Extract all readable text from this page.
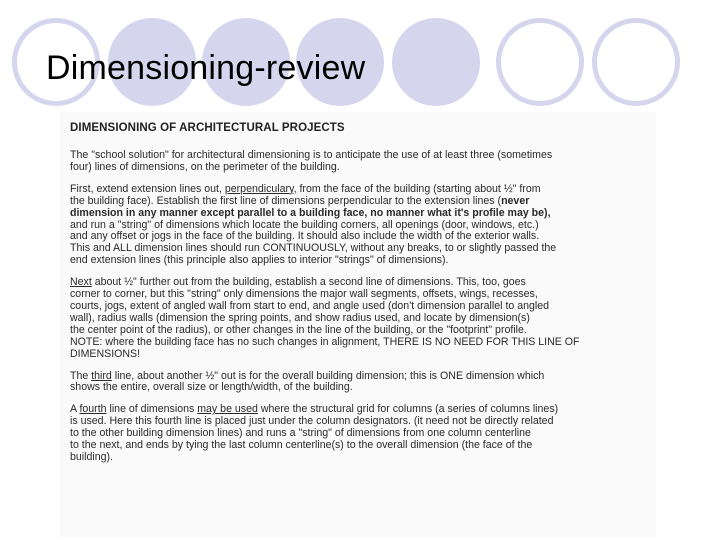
Dimensioning-review
DIMENSIONING OF ARCHITECTURAL PROJECTS

The "school solution" for architectural dimensioning is to anticipate the use of at least three (sometimes
four) lines of dimensions, on the perimeter of the building.

First, extend extension lines out, perpendiculary, from the face of the building (starting about ½" from
the building face). Establish the first line of dimensions perpendicular to the extension lines (never
dimension in any manner except parallel to a building face, no manner what it's profile may be),
and run a "string" of dimensions which locate the building corners, all openings (door, windows, etc.)
and any offset or jogs in the face of the building. It should also include the width of the exterior walls.
This and ALL dimension lines should run CONTINUOUSLY, without any breaks, to or slightly passed the
end extension lines (this principle also applies to interior "strings" of dimensions).

Next about ½" further out from the building, establish a second line of dimensions. This, too, goes
corner to corner, but this "string" only dimensions the major wall segments, offsets, wings, recesses,
courts, jogs, extent of angled wall from start to end, and angle used (don't dimension parallel to angled
wall), radius walls (dimension the spring points, and show radius used, and locate by dimension(s)
the center point of the radius), or other changes in the line of the building, or the "footprint" profile.
NOTE: where the building face has no such changes in alignment, THERE IS NO NEED FOR THIS LINE OF
DIMENSIONS!

The third line, about another ½" out is for the overall building dimension; this is ONE dimension which
shows the entire, overall size or length/width, of the building.

A fourth line of dimensions may be used where the structural grid for columns (a series of columns lines)
is used. Here this fourth line is placed just under the column designators. (it need not be directly related
to the other building dimension lines) and runs a "string" of dimensions from one column centerline
to the next, and ends by tying the last column centerline(s) to the overall dimension (the face of the
building).
